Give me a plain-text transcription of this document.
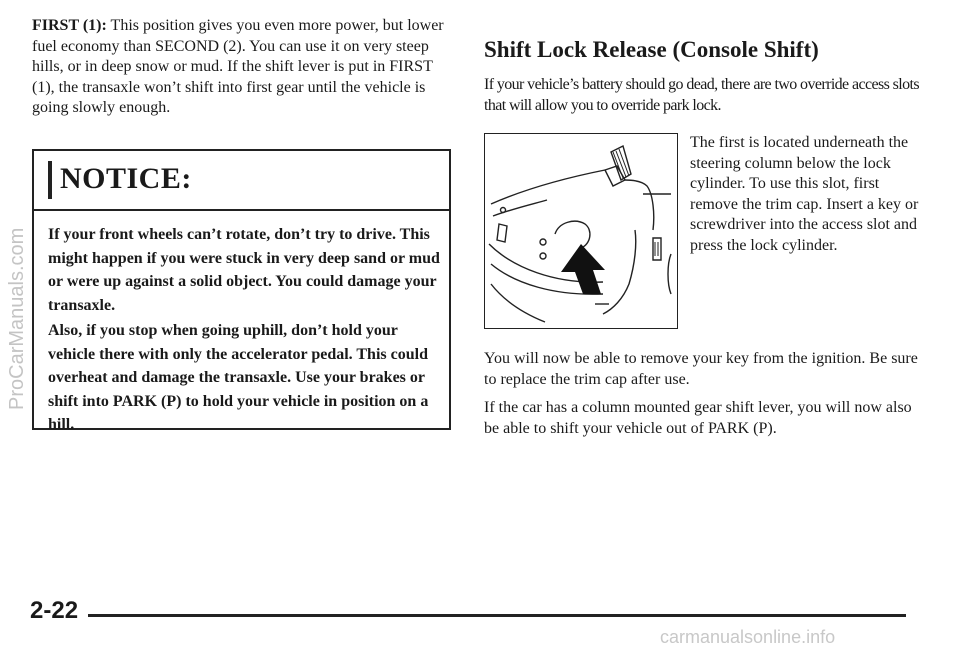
FIRST (1): This position gives you even more power, but lower fuel economy than SECOND (2). You can use it on very steep hills, or in deep snow or mud. If the shift lever is put in FIRST (1), the transaxle won’t shift into first gear until the vehicle is going slowly enough.
NOTICE:

If your front wheels can’t rotate, don’t try to drive. This might happen if you were stuck in very deep sand or mud or were up against a solid object. You could damage your transaxle.

Also, if you stop when going uphill, don’t hold your vehicle there with only the accelerator pedal. This could overheat and damage the transaxle. Use your brakes or shift into PARK (P) to hold your vehicle in position on a hill.

Shift Lock Release (Console Shift)
If your vehicle’s battery should go dead, there are two override access slots that will allow you to override park lock.
The first is located underneath the steering column below the lock cylinder. To use this slot, first remove the trim cap. Insert a key or screwdriver into the access slot and press the lock cylinder.
You will now be able to remove your key from the ignition. Be sure to replace the trim cap after use.
If the car has a column mounted gear shift lever, you will now also be able to shift your vehicle out of PARK (P).
ProCarManuals.com
2-22
carmanualsonline.info
